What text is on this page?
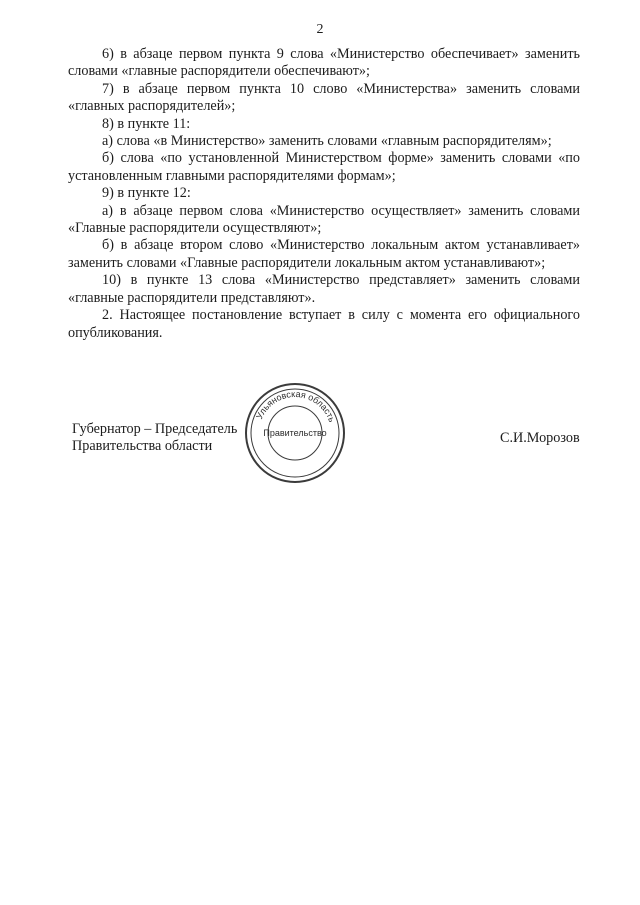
2

6) в абзаце первом пункта 9 слова «Министерство обеспечивает» заменить словами «главные распорядители обеспечивают»;

7) в абзаце первом пункта 10 слово «Министерства» заменить словами «главных распорядителей»;

8) в пункте 11:

а) слова «в Министерство» заменить словами «главным распорядителям»;

б) слова «по установленной Министерством форме» заменить словами «по установленным главными распорядителями формам»;

9) в пункте 12:

а) в абзаце первом слова «Министерство осуществляет» заменить словами «Главные распорядители осуществляют»;

б) в абзаце втором слово «Министерство локальным актом устанавливает» заменить словами «Главные распорядители локальным актом устанавливают»;

10) в пункте 13 слова «Министерство представляет» заменить словами «главные распорядители представляют».

2. Настоящее постановление вступает в силу с момента его официального опубликования.

Губернатор – Председатель
Правительства области
Ульяновская область
Правительство	С.И.Морозов
